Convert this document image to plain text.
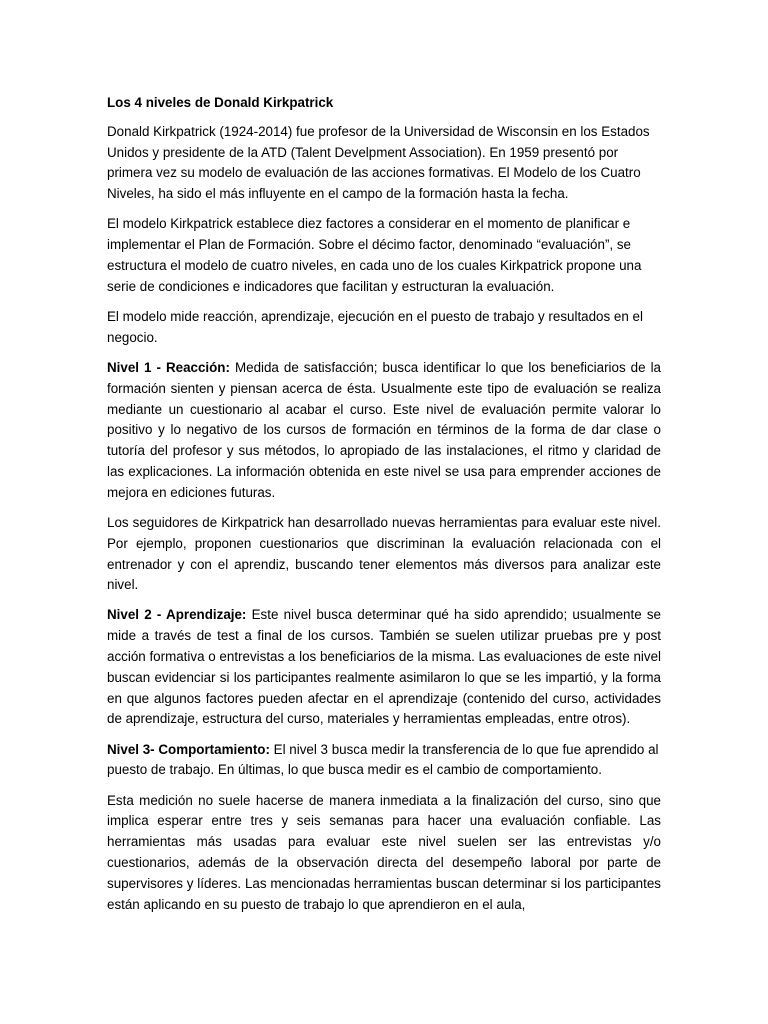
Los 4 niveles de Donald Kirkpatrick

Donald Kirkpatrick (1924-2014) fue profesor de la Universidad de Wisconsin en los Estados Unidos y presidente de la ATD (Talent Develpment Association). En 1959 presentó por primera vez su modelo de evaluación de las acciones formativas. El Modelo de los Cuatro Niveles, ha sido el más influyente en el campo de la formación hasta la fecha.

El modelo Kirkpatrick establece diez factores a considerar en el momento de planificar e implementar el Plan de Formación. Sobre el décimo factor, denominado “evaluación”, se estructura el modelo de cuatro niveles, en cada uno de los cuales Kirkpatrick propone una serie de condiciones e indicadores que facilitan y estructuran la evaluación.

El modelo mide reacción, aprendizaje, ejecución en el puesto de trabajo y resultados en el negocio.

Nivel 1 - Reacción: Medida de satisfacción; busca identificar lo que los beneficiarios de la formación sienten y piensan acerca de ésta. Usualmente este tipo de evaluación se realiza mediante un cuestionario al acabar el curso. Este nivel de evaluación permite valorar lo positivo y lo negativo de los cursos de formación en términos de la forma de dar clase o tutoría del profesor y sus métodos, lo apropiado de las instalaciones, el ritmo y claridad de las explicaciones. La información obtenida en este nivel se usa para emprender acciones de mejora en ediciones futuras.

Los seguidores de Kirkpatrick han desarrollado nuevas herramientas para evaluar este nivel. Por ejemplo, proponen cuestionarios que discriminan la evaluación relacionada con el entrenador y con el aprendiz, buscando tener elementos más diversos para analizar este nivel.

Nivel 2 - Aprendizaje: Este nivel busca determinar qué ha sido aprendido; usualmente se mide a través de test a final de los cursos. También se suelen utilizar pruebas pre y post acción formativa o entrevistas a los beneficiarios de la misma. Las evaluaciones de este nivel buscan evidenciar si los participantes realmente asimilaron lo que se les impartió, y la forma en que algunos factores pueden afectar en el aprendizaje (contenido del curso, actividades de aprendizaje, estructura del curso, materiales y herramientas empleadas, entre otros).

Nivel 3- Comportamiento: El nivel 3 busca medir la transferencia de lo que fue aprendido al puesto de trabajo. En últimas, lo que busca medir es el cambio de comportamiento.

Esta medición no suele hacerse de manera inmediata a la finalización del curso, sino que implica esperar entre tres y seis semanas para hacer una evaluación confiable. Las herramientas más usadas para evaluar este nivel suelen ser las entrevistas y/o cuestionarios, además de la observación directa del desempeño laboral por parte de supervisores y líderes. Las mencionadas herramientas buscan determinar si los participantes están aplicando en su puesto de trabajo lo que aprendieron en el aula,
